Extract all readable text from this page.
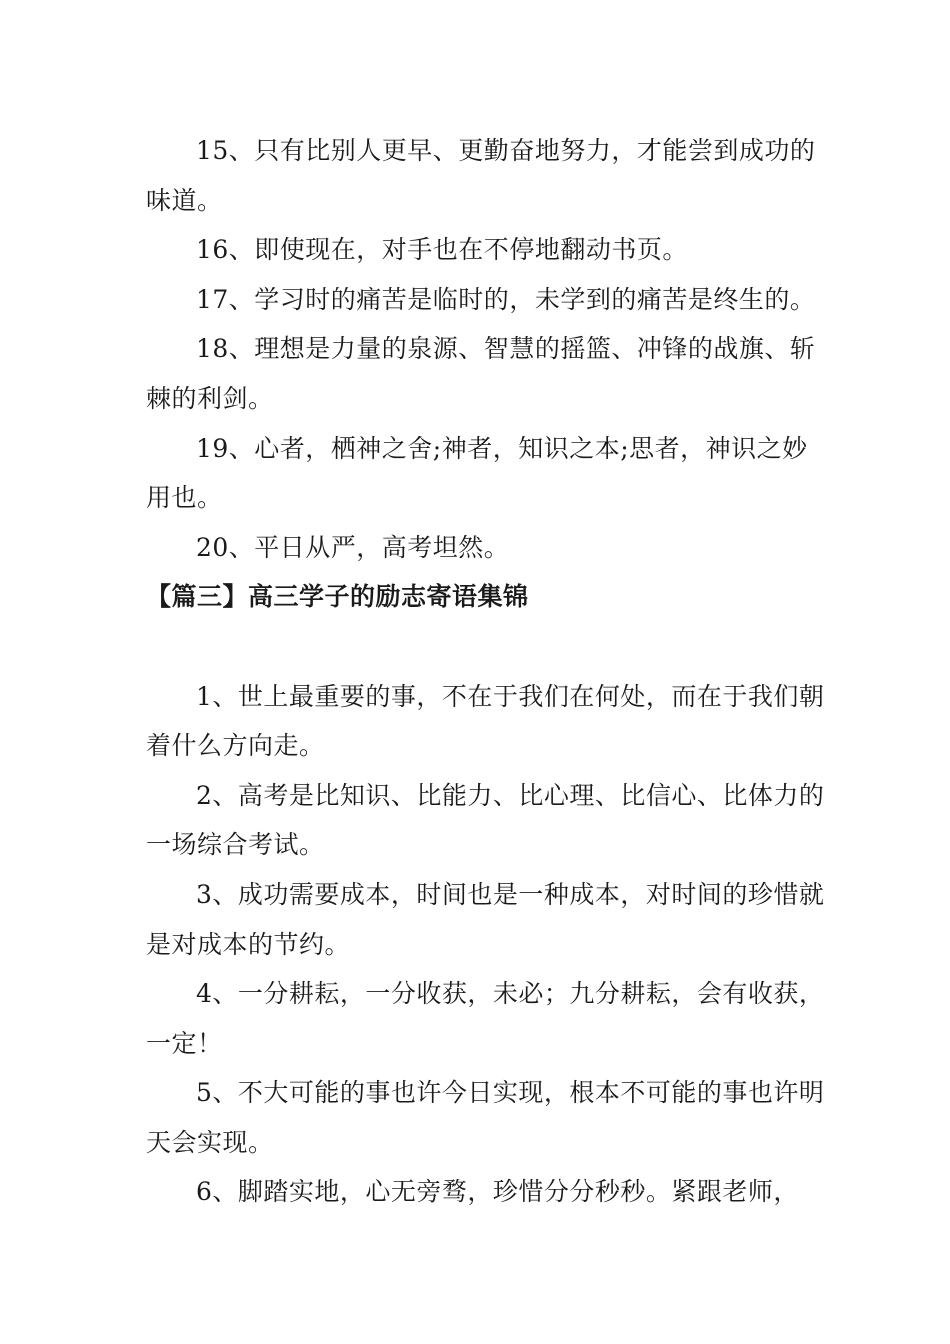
15、只有比别人更早、更勤奋地努力，才能尝到成功的味道。

16、即使现在，对手也在不停地翻动书页。

17、学习时的痛苦是临时的，未学到的痛苦是终生的。

18、理想是力量的泉源、智慧的摇篮、冲锋的战旗、斩棘的利剑。

19、心者，栖神之舍;神者，知识之本;思者，神识之妙用也。

20、平日从严，高考坦然。

【篇三】高三学子的励志寄语集锦

1、世上最重要的事，不在于我们在何处，而在于我们朝着什么方向走。

2、高考是比知识、比能力、比心理、比信心、比体力的一场综合考试。

3、成功需要成本，时间也是一种成本，对时间的珍惜就是对成本的节约。

4、一分耕耘，一分收获，未必；九分耕耘，会有收获，一定！

5、不大可能的事也许今日实现，根本不可能的事也许明天会实现。

6、脚踏实地，心无旁骛，珍惜分分秒秒。紧跟老师，
